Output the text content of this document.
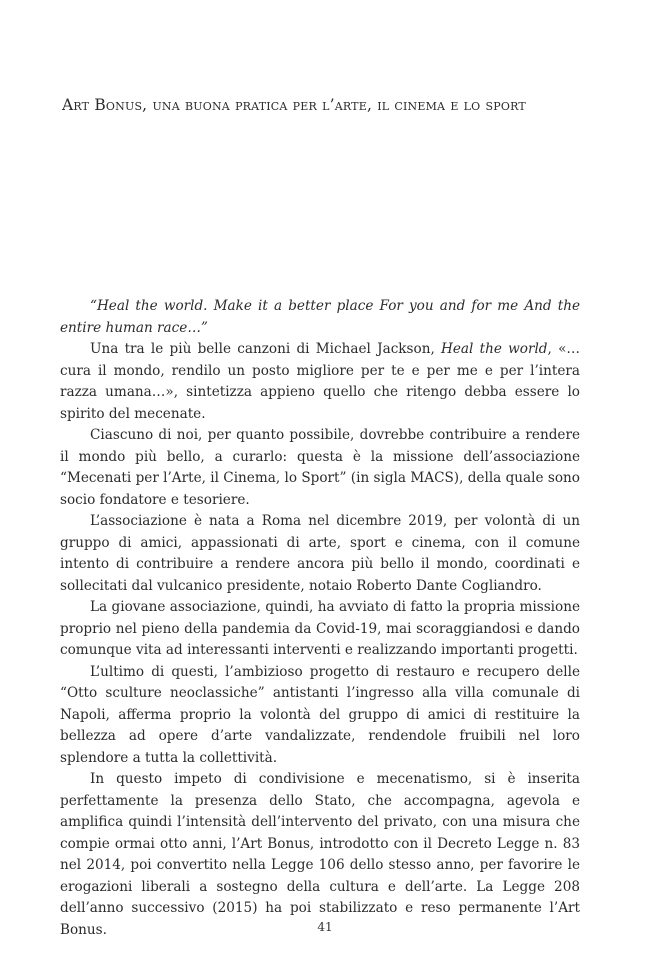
Art Bonus, una buona pratica per l’arte, il cinema e lo sport

“Heal the world. Make it a better place For you and for me And the entire human race…”

Una tra le più belle canzoni di Michael Jackson, Heal the world, «… cura il mondo, rendilo un posto migliore per te e per me e per l’intera razza umana…», sintetizza appieno quello che ritengo debba essere lo spirito del mecenate.

Ciascuno di noi, per quanto possibile, dovrebbe contribuire a rendere il mondo più bello, a curarlo: questa è la missione dell’associazione “Mecenati per l’Arte, il Cinema, lo Sport” (in sigla MACS), della quale sono socio fondatore e tesoriere.

L’associazione è nata a Roma nel dicembre 2019, per volontà di un gruppo di amici, appassionati di arte, sport e cinema, con il comune intento di contribuire a rendere ancora più bello il mondo, coordinati e sollecitati dal vulcanico presidente, notaio Roberto Dante Cogliandro.

La giovane associazione, quindi, ha avviato di fatto la propria missione proprio nel pieno della pandemia da Covid-19, mai scoraggiandosi e dando comunque vita ad interessanti interventi e realizzando importanti progetti.

L’ultimo di questi, l’ambizioso progetto di restauro e recupero delle “Otto sculture neoclassiche” antistanti l’ingresso alla villa comunale di Napoli, afferma proprio la volontà del gruppo di amici di restituire la bellezza ad opere d’arte vandalizzate, rendendole fruibili nel loro splendore a tutta la collettività.

In questo impeto di condivisione e mecenatismo, si è inserita perfettamente la presenza dello Stato, che accompagna, agevola e amplifica quindi l’intensità dell’intervento del privato, con una misura che compie ormai otto anni, l’Art Bonus, introdotto con il Decreto Legge n. 83 nel 2014, poi convertito nella Legge 106 dello stesso anno, per favorire le erogazioni liberali a sostegno della cultura e dell’arte. La Legge 208 dell’anno successivo (2015) ha poi stabilizzato e reso permanente l’Art Bonus.	41
